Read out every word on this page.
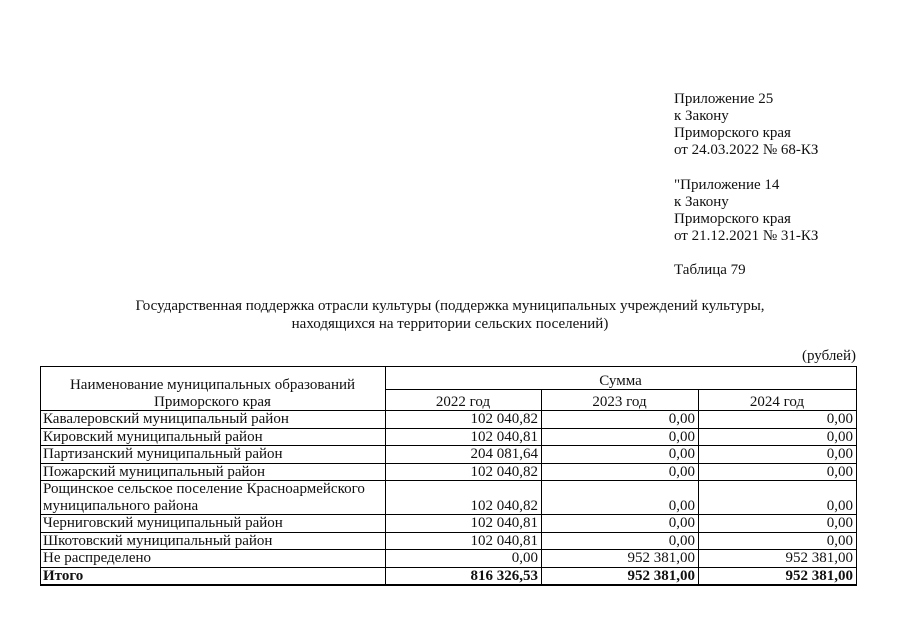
Приложение 25
к Закону
Приморского края
от 24.03.2022 № 68-КЗ
"Приложение 14
к Закону
Приморского края
от 21.12.2021 № 31-КЗ
Таблица 79
Государственная поддержка отрасли культуры (поддержка муниципальных учреждений культуры,
находящихся на территории сельских поселений)
(рублей)
Наименование муниципальных образований Приморского края	Сумма		
	2022 год	2023 год	2024 год
Кавалеровский муниципальный район	102 040,82	0,00	0,00
Кировский муниципальный район	102 040,81	0,00	0,00
Партизанский муниципальный район	204 081,64	0,00	0,00
Пожарский муниципальный район	102 040,82	0,00	0,00
Рощинское сельское поселение Красноармейского муниципального района	102 040,82	0,00	0,00
Черниговский муниципальный район	102 040,81	0,00	0,00
Шкотовский муниципальный район	102 040,81	0,00	0,00
Не распределено	0,00	952 381,00	952 381,00
Итого	816 326,53	952 381,00	952 381,00
